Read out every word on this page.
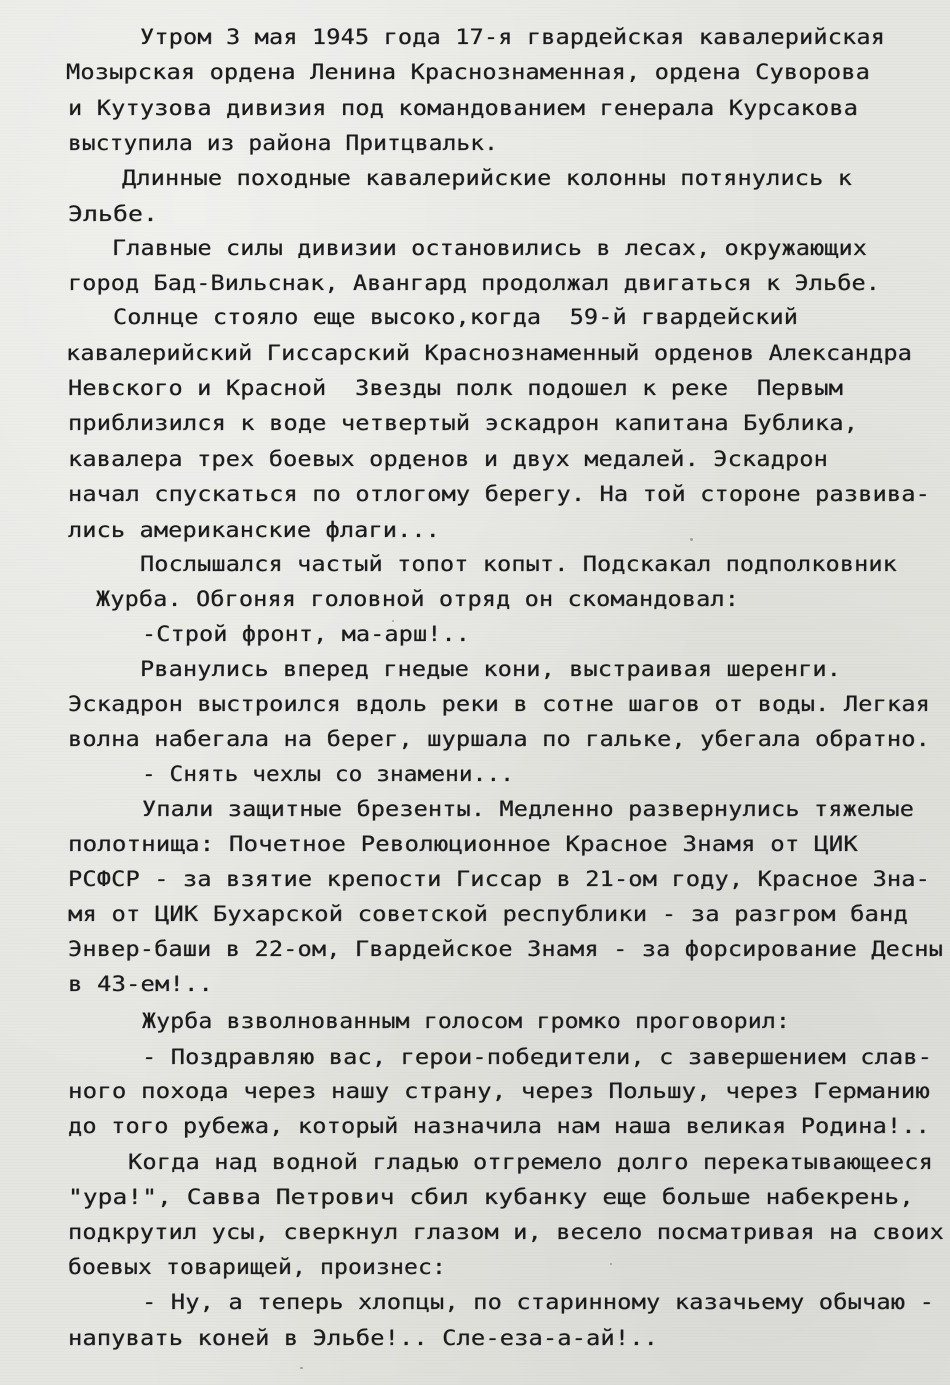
Утром 3 мая 1945 года 17-я гвардейская кавалерийская
Мозырская ордена Ленина Краснознаменная, ордена Суворова
и Кутузова дивизия под командованием генерала Курсакова
выступила из района Притцвальк.
Длинные походные кавалерийские колонны потянулись к
Эльбе.
Главные силы дивизии остановились в лесах, окружающих
город Бад-Вильснак, Авангард продолжал двигаться к Эльбе.
Солнце стояло еще высоко,когда  59-й гвардейский
кавалерийский Гиссарский Краснознаменный орденов Александра
Невского и Красной  Звезды полк подошел к реке  Первым
приблизился к воде четвертый эскадрон капитана Бублика,
кавалера трех боевых орденов и двух медалей. Эскадрон
начал спускаться по отлогому берегу. На той стороне развива-
лись американские флаги...
Послышался частый топот копыт. Подскакал подполковник
Журба. Обгоняя головной отряд он скомандовал:
-Строй фронт, ма-арш!..
Рванулись вперед гнедые кони, выстраивая шеренги.
Эскадрон выстроился вдоль реки в сотне шагов от воды. Легкая
волна набегала на берег, шуршала по гальке, убегала обратно.
- Снять чехлы со знамени...
Упали защитные брезенты. Медленно развернулись тяжелые
полотнища: Почетное Революционное Красное Знамя от ЦИК
РСФСР - за взятие крепости Гиссар в 21-ом году, Красное Зна-
мя от ЦИК Бухарской советской республики - за разгром банд
Энвер-баши в 22-ом, Гвардейское Знамя - за форсирование Десны
в 43-ем!..
Журба взволнованным голосом громко проговорил:
- Поздравляю вас, герои-победители, с завершением слав-
ного похода через нашу страну, через Польшу, через Германию
до того рубежа, который назначила нам наша великая Родина!..
Когда над водной гладью отгремело долго перекатывающееся
"ура!", Савва Петрович сбил кубанку еще больше набекрень,
подкрутил усы, сверкнул глазом и, весело посматривая на своих
боевых товарищей, произнес:
- Ну, а теперь хлопцы, по старинному казачьему обычаю -
напувать коней в Эльбе!.. Сле-еза-а-ай!..
